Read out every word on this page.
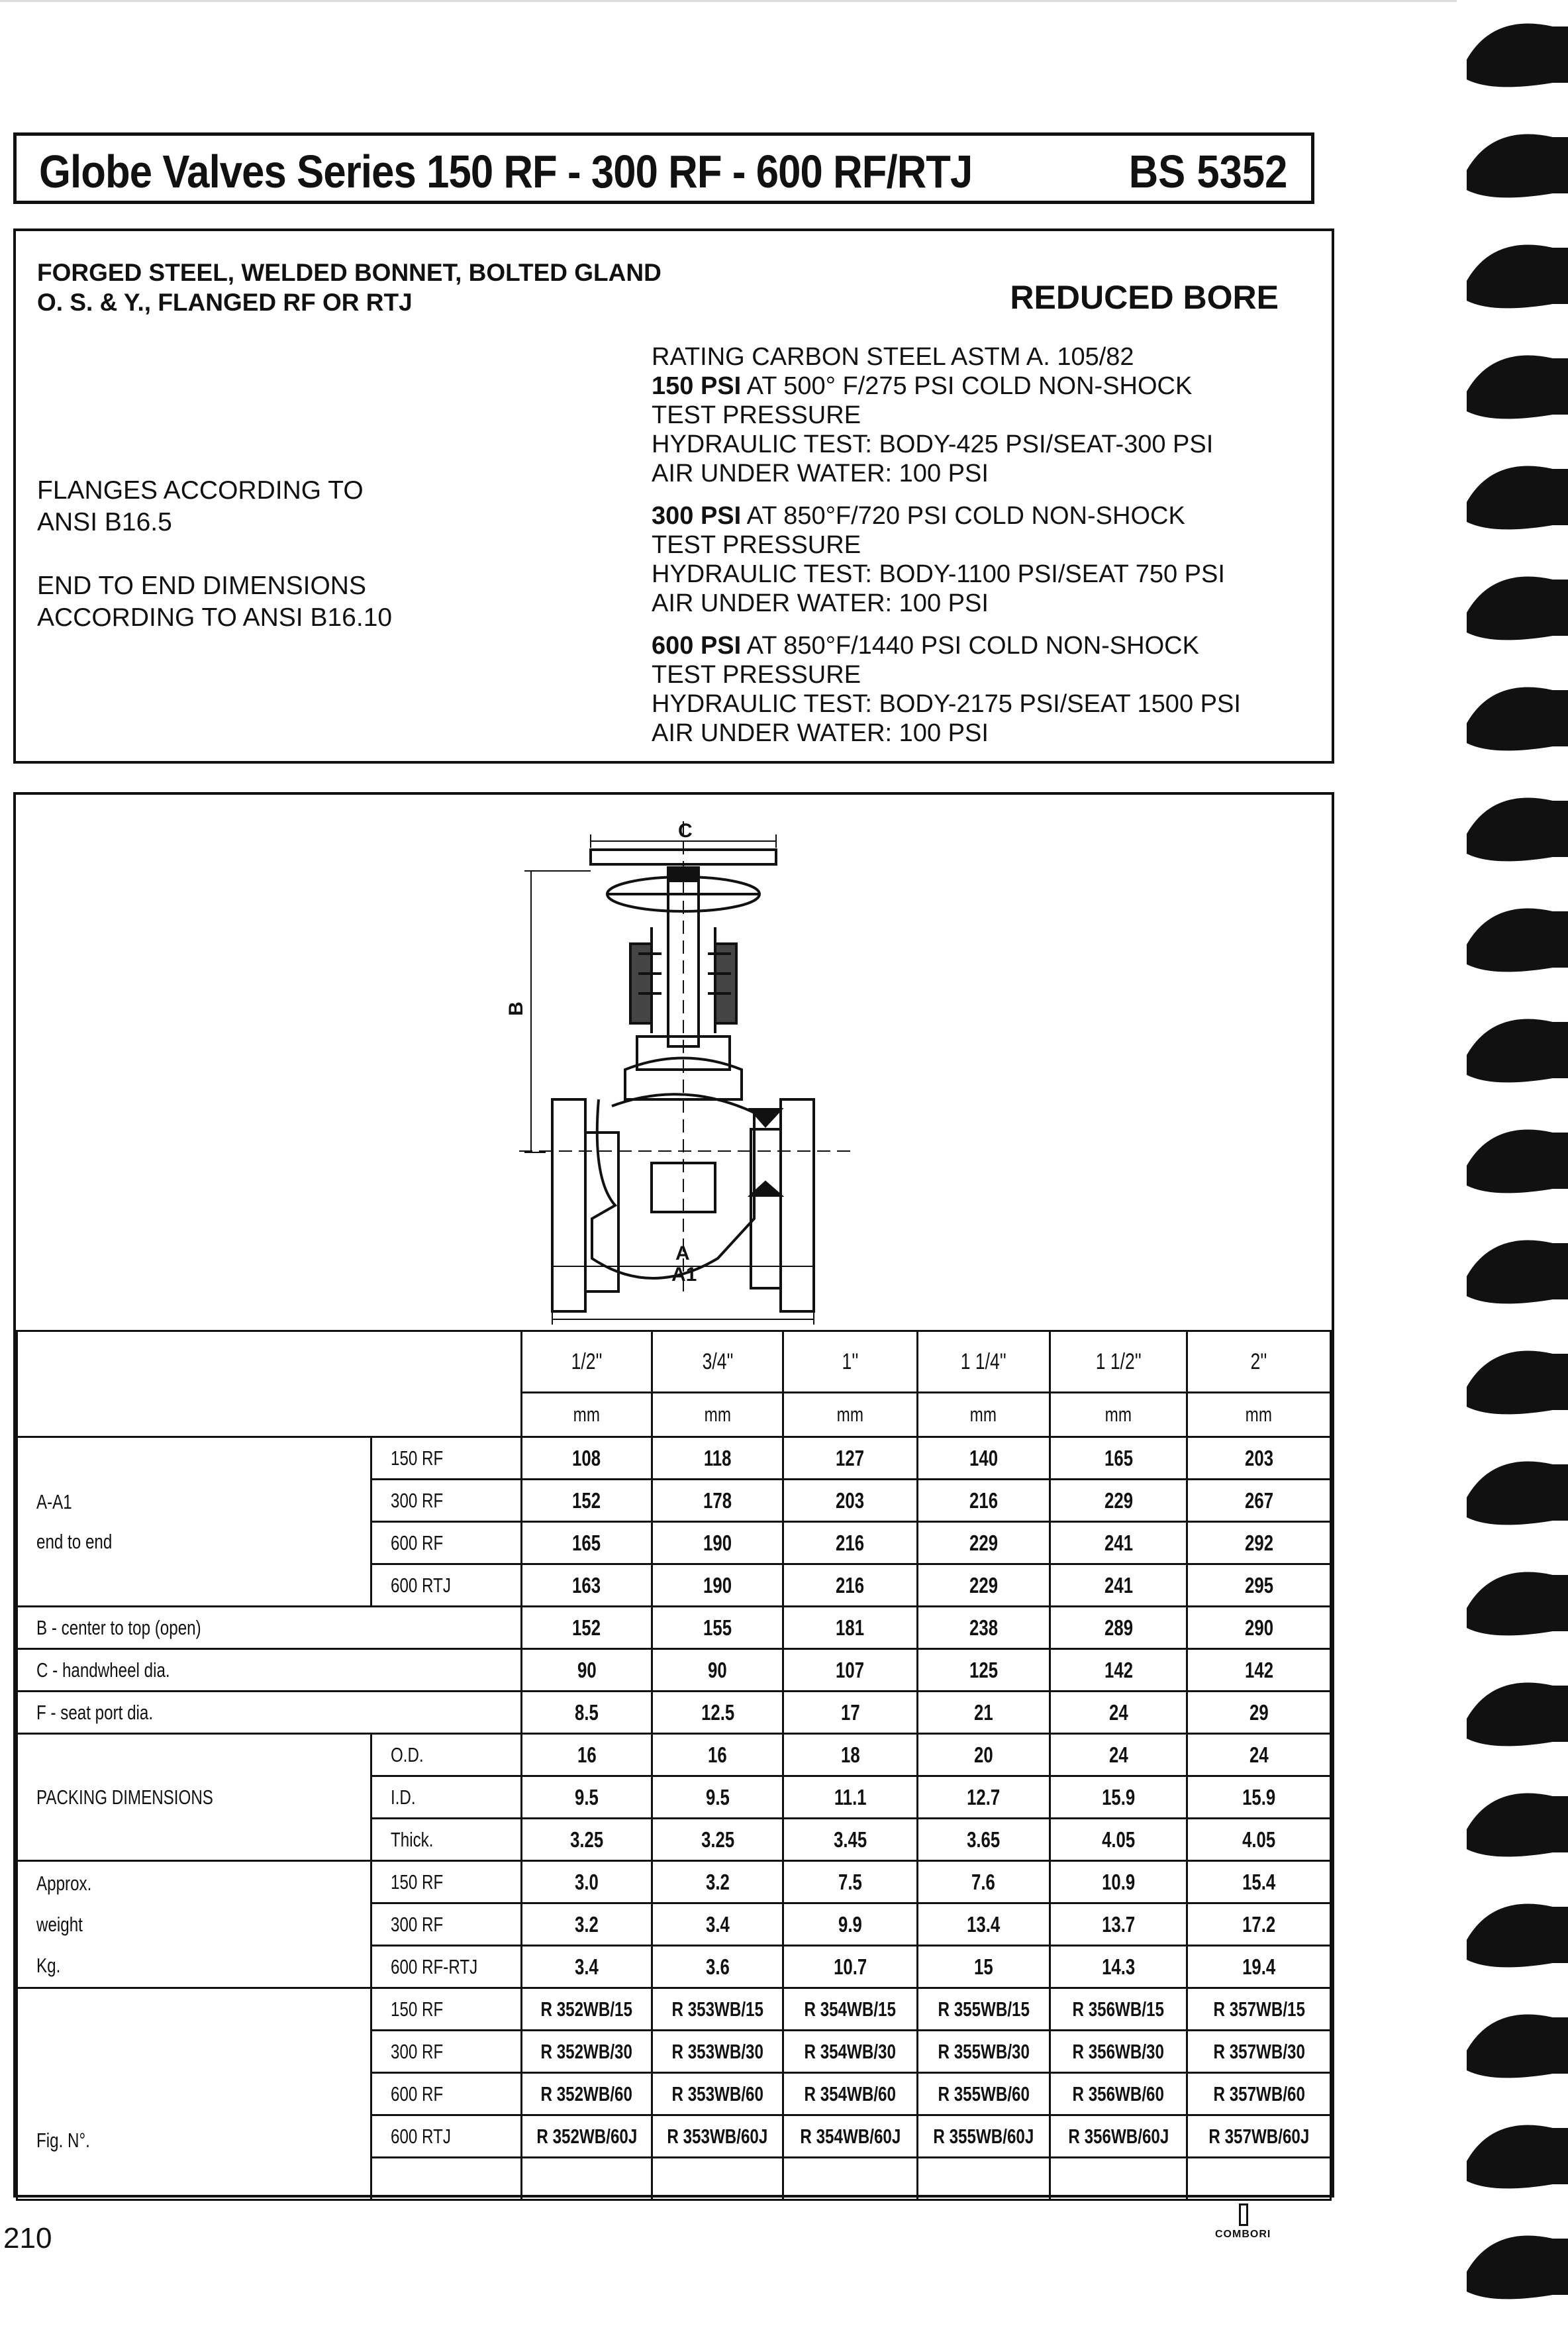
Globe Valves Series 150 RF - 300 RF - 600 RF/RTJ	BS 5352
FORGED STEEL, WELDED BONNET, BOLTED GLAND
O. S. & Y., FLANGED RF OR RTJ	REDUCED BORE
FLANGES ACCORDING TO
ANSI B16.5
END TO END DIMENSIONS
ACCORDING TO ANSI B16.10

RATING CARBON STEEL ASTM A. 105/82

150 PSI AT 500° F/275 PSI COLD NON-SHOCK

TEST PRESSURE

HYDRAULIC TEST: BODY-425 PSI/SEAT-300 PSI

AIR UNDER WATER: 100 PSI

300 PSI AT 850°F/720 PSI COLD NON-SHOCK

TEST PRESSURE

HYDRAULIC TEST: BODY-1100 PSI/SEAT 750 PSI

AIR UNDER WATER: 100 PSI

600 PSI AT 850°F/1440 PSI COLD NON-SHOCK

TEST PRESSURE

HYDRAULIC TEST: BODY-2175 PSI/SEAT 1500 PSI

AIR UNDER WATER: 100 PSI

C
B
A
A1
		1/2''	3/4''	1''	1 1/4''	1 1/2''	2''
		mm	mm	mm	mm	mm	mm
A-A1
end to end	150 RF	108	118	127	140	165	203
	300 RF	152	178	203	216	229	267
	600 RF	165	190	216	229	241	292
	600 RTJ	163	190	216	229	241	295
B - center to top (open)		152	155	181	238	289	290
C - handwheel dia.		90	90	107	125	142	142
F - seat port dia.		8.5	12.5	17	21	24	29
PACKING DIMENSIONS	O.D.	16	16	18	20	24	24
	I.D.	9.5	9.5	11.1	12.7	15.9	15.9
	Thick.	3.25	3.25	3.45	3.65	4.05	4.05
Approx.
weight
Kg.	150 RF	3.0	3.2	7.5	7.6	10.9	15.4
	300 RF	3.2	3.4	9.9	13.4	13.7	17.2
	600 RF-RTJ	3.4	3.6	10.7	15	14.3	19.4
Fig. N°.	150 RF	R 352WB/15	R 353WB/15	R 354WB/15	R 355WB/15	R 356WB/15	R 357WB/15
	300 RF	R 352WB/30	R 353WB/30	R 354WB/30	R 355WB/30	R 356WB/30	R 357WB/30
	600 RF	R 352WB/60	R 353WB/60	R 354WB/60	R 355WB/60	R 356WB/60	R 357WB/60
	600 RTJ	R 352WB/60J	R 353WB/60J	R 354WB/60J	R 355WB/60J	R 356WB/60J	R 357WB/60J

210	COMBORI
